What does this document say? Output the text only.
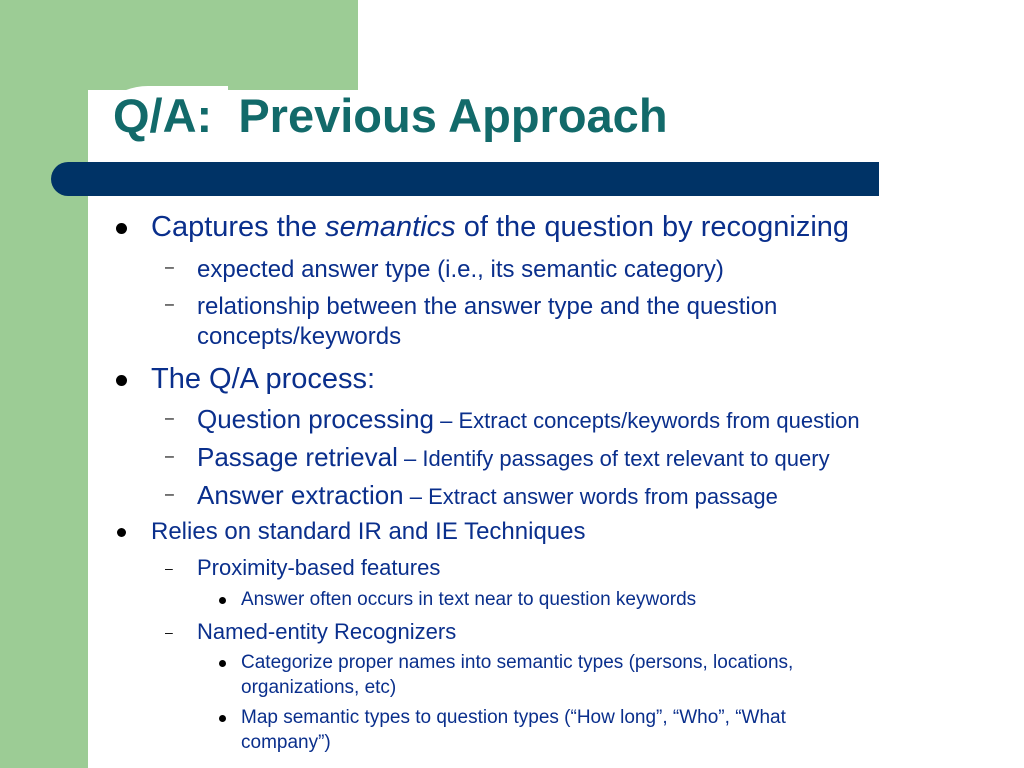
Q/A:  Previous Approach
Captures the semantics of the question by recognizing
– expected answer type (i.e., its semantic category)
– relationship between the answer type and the question
concepts/keywords
The Q/A process:
– Question processing – Extract concepts/keywords from question
– Passage retrieval – Identify passages of text relevant to query
– Answer extraction – Extract answer words from passage
Relies on standard IR and IE Techniques
– Proximity-based features
Answer often occurs in text near to question keywords
– Named-entity Recognizers
Categorize proper names into semantic types (persons, locations,
organizations, etc)
Map semantic types to question types (“How long”, “Who”, “What
company”)
